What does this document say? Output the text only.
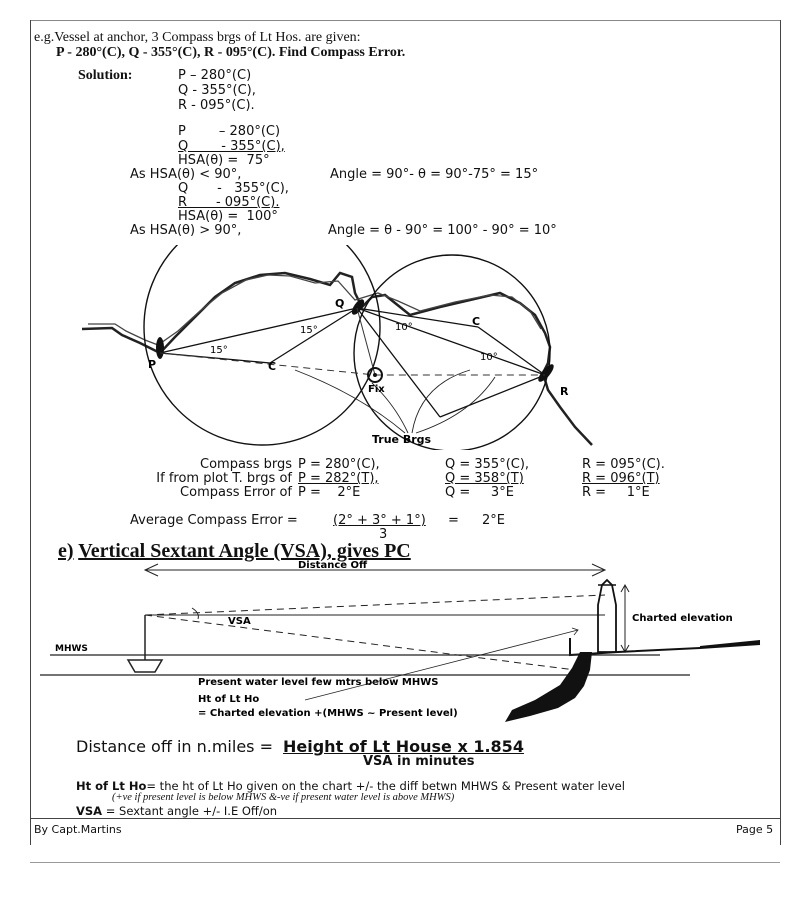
e.g.Vessel at anchor, 3 Compass brgs of Lt Hos. are given:
P - 280°(C), Q - 355°(C), R - 095°(C). Find Compass Error.
Solution:	P – 280°(C)
Q - 355°(C),
R - 095°(C).
P        – 280°(C)
Q        - 355°(C),
HSA(θ) =  75°
As HSA(θ) < 90°,	Angle = 90°- θ = 90°-75° = 15°
Q       -   355°(C),
R       - 095°(C).
HSA(θ) =  100°
As HSA(θ) > 90°,	Angle = θ - 90° = 100° - 90° = 10°
P
Q
R
C
C
15°
15°	10°
10°
Fix
True Brgs
Compass brgs P = 280°(C),	Q = 355°(C),	R = 095°(C).
If from plot T. brgs of P = 282°(T),	Q = 358°(T)	R = 096°(T)
Compass Error of P =    2°E	Q =     3°E	R =     1°E
Average Compass Error =	(2° + 3° + 1°) = 2°E
3
e) Vertical Sextant Angle (VSA), gives PC
Distance Off
VSA	Charted elevation
MHWS
Present water level few mtrs below MHWS
Ht of Lt Ho
= Charted elevation +(MHWS ~ Present level)
Distance off in n.miles = Height of Lt House x 1.854
VSA in minutes
Ht of Lt Ho= the ht of Lt Ho given on the chart +/- the diff betwn MHWS & Present water level
(+ve if present level is below MHWS &-ve if present water level is above MHWS)
VSA = Sextant angle +/- I.E Off/on
By Capt.Martins	Page 5
